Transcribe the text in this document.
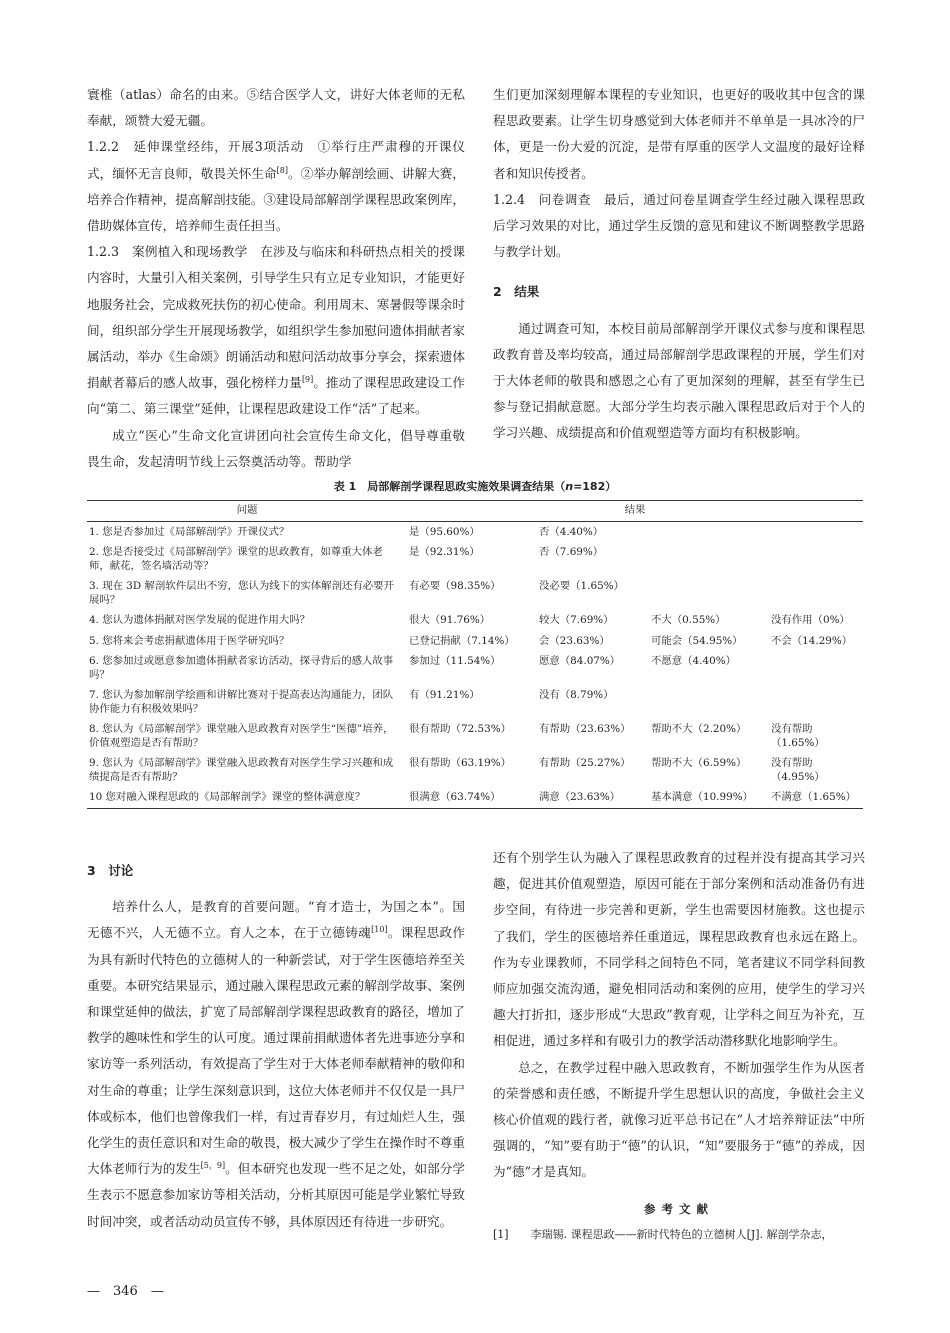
寰椎（atlas）命名的由来。⑤结合医学人文，讲好大体老师的无私奉献，颂赞大爱无疆。

1.2.2　延伸课堂经纬，开展3项活动　①举行庄严肃穆的开课仪式，缅怀无言良师，敬畏关怀生命[8]。②举办解剖绘画、讲解大赛，培养合作精神，提高解剖技能。③建设局部解剖学课程思政案例库，借助媒体宣传，培养师生责任担当。

1.2.3　案例植入和现场教学　在涉及与临床和科研热点相关的授课内容时，大量引入相关案例，引导学生只有立足专业知识，才能更好地服务社会，完成救死扶伤的初心使命。利用周末、寒暑假等课余时间，组织部分学生开展现场教学，如组织学生参加慰问遗体捐献者家属活动，举办《生命颂》朗诵活动和慰问活动故事分享会，探索遗体捐献者幕后的感人故事，强化榜样力量[9]。推动了课程思政建设工作向“第二、第三课堂”延伸，让课程思政建设工作“活”了起来。

成立“医心”生命文化宣讲团向社会宣传生命文化，倡导尊重敬畏生命，发起清明节线上云祭奠活动等。帮助学

生们更加深刻理解本课程的专业知识，也更好的吸收其中包含的课程思政要素。让学生切身感觉到大体老师并不单单是一具冰冷的尸体，更是一份大爱的沉淀，是带有厚重的医学人文温度的最好诠释者和知识传授者。

1.2.4　问卷调查　最后，通过问卷星调查学生经过融入课程思政后学习效果的对比，通过学生反馈的意见和建议不断调整教学思路与教学计划。

2　结果

通过调查可知，本校目前局部解剖学开课仪式参与度和课程思政教育普及率均较高，通过局部解剖学思政课程的开展，学生们对于大体老师的敬畏和感恩之心有了更加深刻的理解，甚至有学生已参与登记捐献意愿。大部分学生均表示融入课程思政后对于个人的学习兴趣、成绩提高和价值观塑造等方面均有积极影响。

表 1　局部解剖学课程思政实施效果调查结果（n=182）
问题	结果			
1. 您是否参加过《局部解剖学》开课仪式？	是（95.60%）	否（4.40%）		
2. 您是否接受过《局部解剖学》课堂的思政教育，如尊重大体老师，献花，签名墙活动等？	是（92.31%）	否（7.69%）		
3. 现在 3D 解剖软件层出不穷，您认为线下的实体解剖还有必要开展吗？	有必要（98.35%）	没必要（1.65%）		
4. 您认为遗体捐献对医学发展的促进作用大吗？	很大（91.76%）	较大（7.69%）	不大（0.55%）	没有作用（0%）
5. 您将来会考虑捐献遗体用于医学研究吗？	已登记捐献（7.14%）	会（23.63%）	可能会（54.95%）	不会（14.29%）
6. 您参加过或愿意参加遗体捐献者家访活动，探寻背后的感人故事吗？	参加过（11.54%）	愿意（84.07%）	不愿意（4.40%）	
7. 您认为参加解剖学绘画和讲解比赛对于提高表达沟通能力，团队协作能力有积极效果吗？	有（91.21%）	没有（8.79%）		
8. 您认为《局部解剖学》课堂融入思政教育对医学生“医德”培养，价值观塑造是否有帮助？	很有帮助（72.53%）	有帮助（23.63%）	帮助不大（2.20%）	没有帮助（1.65%）
9. 您认为《局部解剖学》课堂融入思政教育对医学生学习兴趣和成绩提高是否有帮助？	很有帮助（63.19%）	有帮助（25.27%）	帮助不大（6.59%）	没有帮助（4.95%）
10 您对融入课程思政的《局部解剖学》课堂的整体满意度？	很满意（63.74%）	满意（23.63%）	基本满意（10.99%）	不满意（1.65%）

3　讨论

培养什么人，是教育的首要问题。“育才造士，为国之本”。国无德不兴，人无德不立。育人之本，在于立德铸魂[10]。课程思政作为具有新时代特色的立德树人的一种新尝试，对于学生医德培养至关重要。本研究结果显示，通过融入课程思政元素的解剖学故事、案例和课堂延伸的做法，扩宽了局部解剖学课程思政教育的路径，增加了教学的趣味性和学生的认可度。通过课前捐献遗体者先进事迹分享和家访等一系列活动，有效提高了学生对于大体老师奉献精神的敬仰和对生命的尊重；让学生深刻意识到，这位大体老师并不仅仅是一具尸体或标本，他们也曾像我们一样，有过青春岁月，有过灿烂人生，强化学生的责任意识和对生命的敬畏，极大减少了学生在操作时不尊重大体老师行为的发生[5，9]。但本研究也发现一些不足之处，如部分学生表示不愿意参加家访等相关活动，分析其原因可能是学业繁忙导致时间冲突，或者活动动员宣传不够，具体原因还有待进一步研究。

还有个别学生认为融入了课程思政教育的过程并没有提高其学习兴趣，促进其价值观塑造，原因可能在于部分案例和活动准备仍有进步空间，有待进一步完善和更新，学生也需要因材施教。这也提示了我们，学生的医德培养任重道远，课程思政教育也永远在路上。作为专业课教师，不同学科之间特色不同，笔者建议不同学科间教师应加强交流沟通，避免相同活动和案例的应用，使学生的学习兴趣大打折扣，逐步形成“大思政”教育观，让学科之间互为补充，互相促进，通过多样和有吸引力的教学活动潜移默化地影响学生。

总之，在教学过程中融入思政教育，不断加强学生作为从医者的荣誉感和责任感，不断提升学生思想认识的高度，争做社会主义核心价值观的践行者，就像习近平总书记在“人才培养辩证法”中所强调的，“知”要有助于“德”的认识，“知”要服务于“德”的养成，因为“德”才是真知。

参考文献

[1]　　李瑞锡. 课程思政——新时代特色的立德树人[J]. 解剖学杂志，

—　346　—
